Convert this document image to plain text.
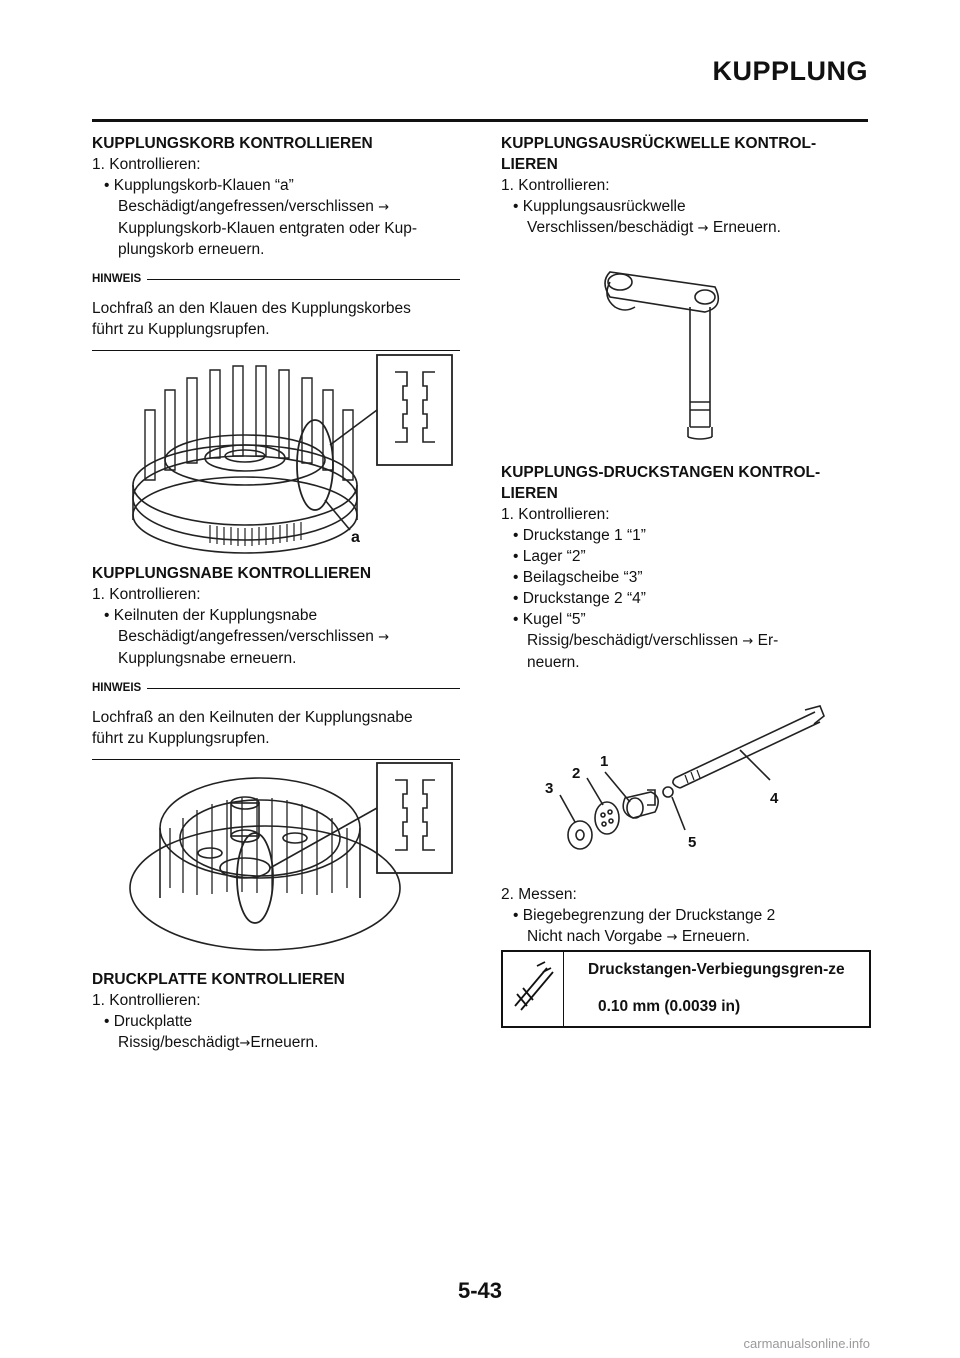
KUPPLUNG

KUPPLUNGSKORB KONTROLLIEREN

1. Kontrollieren:

• Kupplungskorb-Klauen “a”

Beschädigt/angefressen/verschlissen →

Kupplungskorb-Klauen entgraten oder Kup-

plungskorb erneuern.

HINWEIS

Lochfraß an den Klauen des Kupplungskorbes

führt zu Kupplungsrupfen.

a

KUPPLUNGSNABE KONTROLLIEREN

1. Kontrollieren:

• Keilnuten der Kupplungsnabe

Beschädigt/angefressen/verschlissen →

Kupplungsnabe erneuern.

HINWEIS

Lochfraß an den Keilnuten der Kupplungsnabe

führt zu Kupplungsrupfen.

DRUCKPLATTE KONTROLLIEREN

1. Kontrollieren:

• Druckplatte

Rissig/beschädigt→Erneuern.

KUPPLUNGSAUSRÜCKWELLE KONTROL-

LIEREN

1. Kontrollieren:

• Kupplungsausrückwelle

Verschlissen/beschädigt → Erneuern.

KUPPLUNGS-DRUCKSTANGEN KONTROL-

LIEREN

1. Kontrollieren:

• Druckstange 1 “1”

• Lager “2”

• Beilagscheibe “3”

• Druckstange 2 “4”

• Kugel “5”

Rissig/beschädigt/verschlissen → Er-

neuern.

1
2
3
4
5

2. Messen:

• Biegebegrenzung der Druckstange 2

Nicht nach Vorgabe → Erneuern.

Druckstangen-Verbiegungsgren-ze
0.10 mm (0.0039 in)
5-43
carmanualsonline.info
